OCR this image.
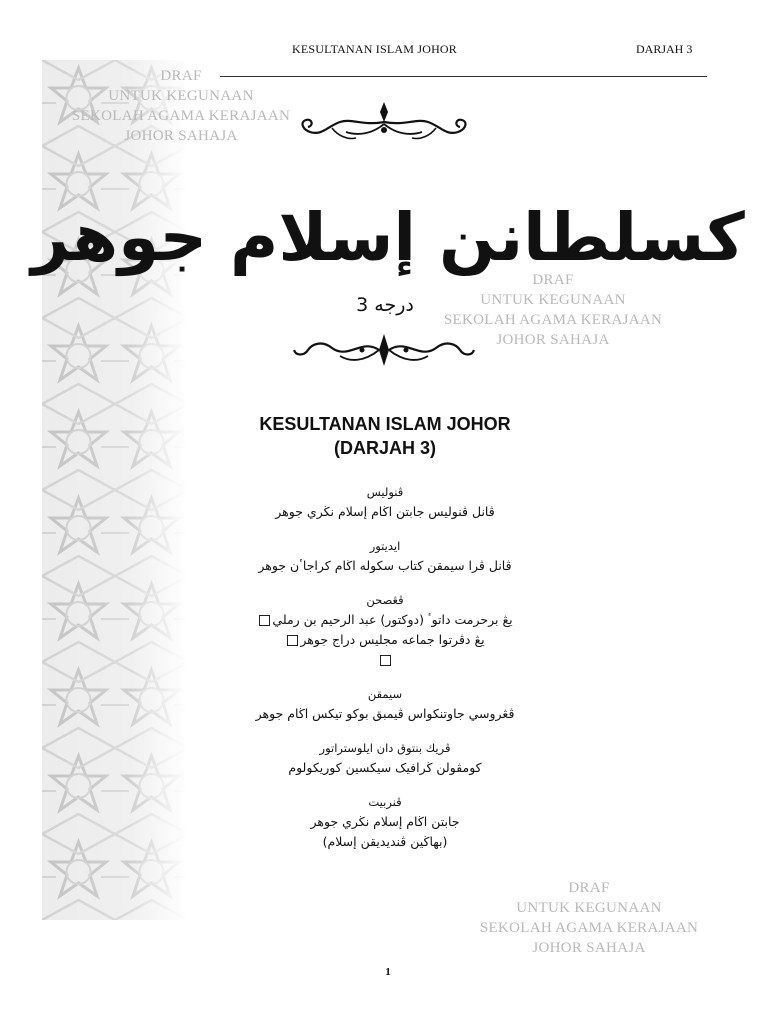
KESULTANAN ISLAM JOHOR	DARJAH 3
DRAF
UNTUK KEGUNAAN
SEKOLAH AGAMA KERAJAAN
JOHOR SAHAJA
كسلطانن إسلام جوهر
DRAF
UNTUK KEGUNAAN
SEKOLAH AGAMA KERAJAAN
JOHOR SAHAJA
درجه 3
KESULTANAN ISLAM JOHOR
(DARJAH 3)
ڤنوليس
ڤانل ڤنوليس جابتن اڬام إسلام نڬري جوهر
ايديتور
ڤانل ڤرا سيمقن كتاب سكوله اڬام كراجاٴن جوهر
ڤڠصحن
يڠ برحرمت داتوٴ (دوكتور) عبد الرحيم بن رملي
يڠ دڤرتوا جماعه مجليس دراج جوهر
سيمقن
ڤڠروسي جاوتنكواس ڤيمبق بوكو تيكس اڬام جوهر
ڤريك بنتوق دان ايلوستراتور
كومڤولن ڬرافيک سيكسين كوريكولوم
ڤنربيت
جابتن اڬام إسلام نڬري جوهر
(بهاڬين ڤنديديقن إسلام)
DRAF
UNTUK KEGUNAAN
SEKOLAH AGAMA KERAJAAN
JOHOR SAHAJA
1
